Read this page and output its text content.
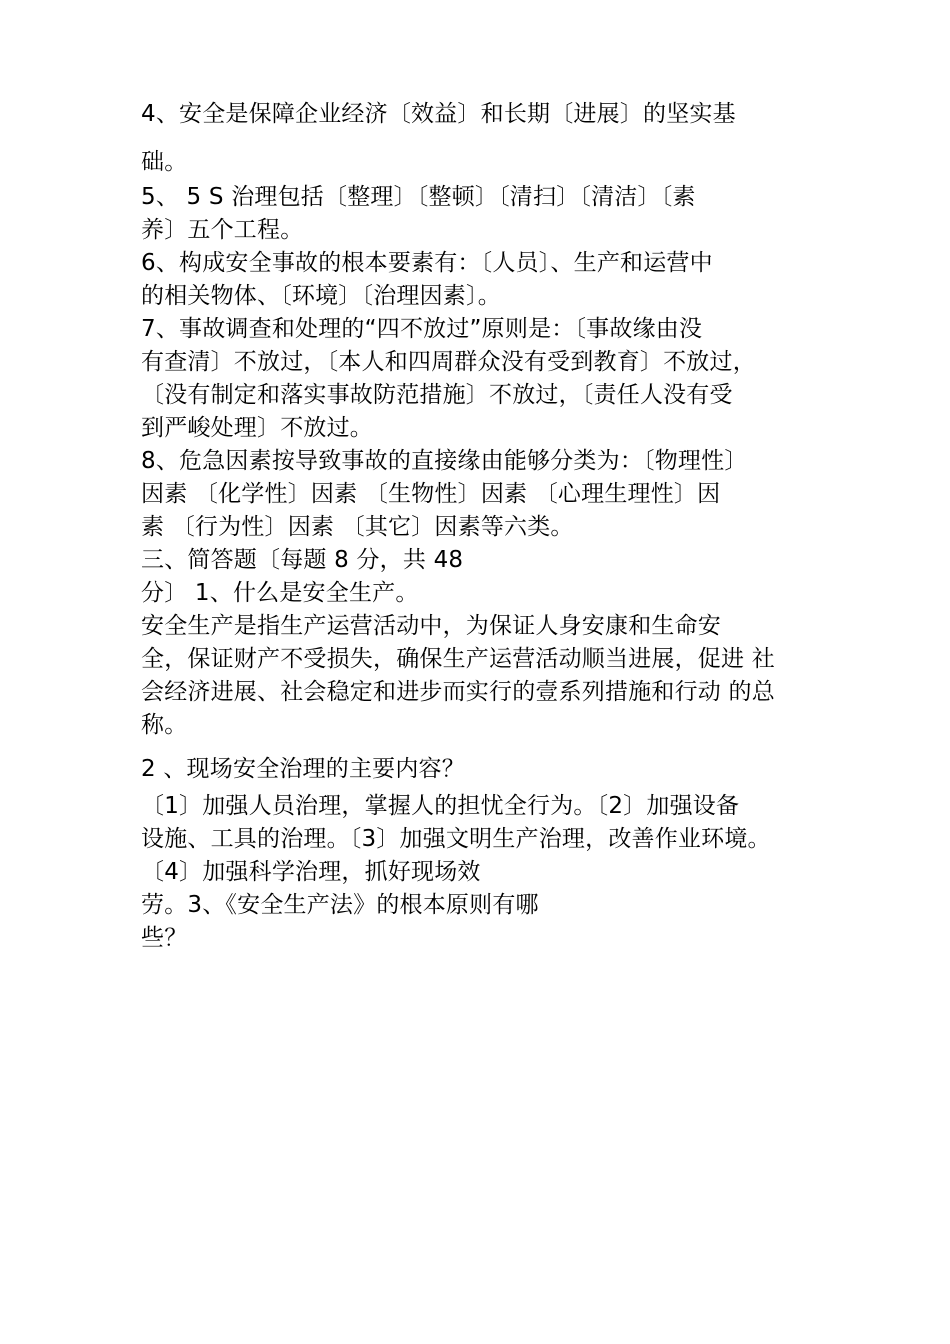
4、安全是保障企业经济〔效益〕和长期〔进展〕的坚实基
础。
5、 5 S 治理包括〔整理〕〔整顿〕〔清扫〕〔清洁〕〔素
养〕五个工程。
6、构成安全事故的根本要素有：〔人员〕、生产和运营中
的相关物体、〔环境〕〔治理因素〕。
7、事故调查和处理的“四不放过”原则是：〔事故缘由没
有查清〕不放过，〔本人和四周群众没有受到教育〕不放过，
〔没有制定和落实事故防范措施〕不放过，〔责任人没有受
到严峻处理〕不放过。
8、危急因素按导致事故的直接缘由能够分类为：〔物理性〕
因素 〔化学性〕因素 〔生物性〕因素 〔心理生理性〕因
素 〔行为性〕因素 〔其它〕因素等六类。
三、简答题〔每题 8 分，共 48
分〕 1、什么是安全生产。
安全生产是指生产运营活动中，为保证人身安康和生命安
全，保证财产不受损失，确保生产运营活动顺当进展，促进 社
会经济进展、社会稳定和进步而实行的壹系列措施和行动 的总
称。
2 、现场安全治理的主要内容？
〔1〕加强人员治理，掌握人的担忧全行为。〔2〕加强设备
设施、工具的治理。〔3〕加强文明生产治理，改善作业环境。
〔4〕加强科学治理，抓好现场效
劳。3、《安全生产法》的根本原则有哪
些？
